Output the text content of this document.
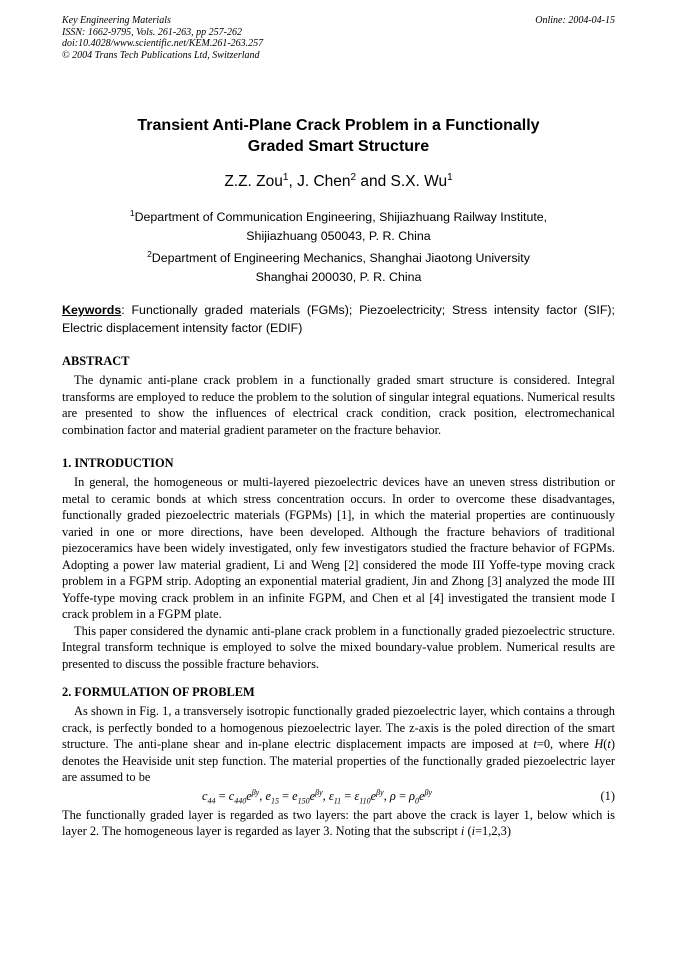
Key Engineering Materials
ISSN: 1662-9795, Vols. 261-263, pp 257-262
doi:10.4028/www.scientific.net/KEM.261-263.257
© 2004 Trans Tech Publications Ltd, Switzerland
Online: 2004-04-15
Transient Anti-Plane Crack Problem in a Functionally
Graded Smart Structure
Z.Z. Zou$^1$, J. Chen$^2$ and S.X. Wu$^1$
$^1$Department of Communication Engineering, Shijiazhuang Railway Institute,
Shijiazhuang 050043, P. R. China
$^2$Department of Engineering Mechanics, Shanghai Jiaotong University
Shanghai 200030, P. R. China
Keywords: Functionally graded materials (FGMs); Piezoelectricity; Stress intensity factor (SIF); Electric displacement intensity factor (EDIF)
ABSTRACT

The dynamic anti-plane crack problem in a functionally graded smart structure is considered. Integral transforms are employed to reduce the problem to the solution of singular integral equations. Numerical results are presented to show the influences of electrical crack condition, crack position, electromechanical combination factor and material gradient parameter on the fracture behavior.

1. INTRODUCTION

In general, the homogeneous or multi-layered piezoelectric devices have an uneven stress distribution or metal to ceramic bonds at which stress concentration occurs. In order to overcome these disadvantages, functionally graded piezoelectric materials (FGPMs) [1], in which the material properties are continuously varied in one or more directions, have been developed. Although the fracture behaviors of traditional piezoceramics have been widely investigated, only few investigators studied the fracture behavior of FGPMs. Adopting a power law material gradient, Li and Weng [2] considered the mode III Yoffe-type moving crack problem in a FGPM strip. Adopting an exponential material gradient, Jin and Zhong [3] analyzed the mode III Yoffe-type moving crack problem in an infinite FGPM, and Chen et al [4] investigated the transient mode I crack problem in a FGPM plate.

This paper considered the dynamic anti-plane crack problem in a functionally graded piezoelectric structure. Integral transform technique is employed to solve the mixed boundary-value problem. Numerical results are presented to discuss the possible fracture behaviors.

2. FORMULATION OF PROBLEM

As shown in Fig. 1, a transversely isotropic functionally graded piezoelectric layer, which contains a through crack, is perfectly bonded to a homogenous piezoelectric layer. The z-axis is the poled direction of the smart structure. The anti-plane shear and in-plane electric displacement impacts are imposed at t=0, where H(t) denotes the Heaviside unit step function. The material properties of the functionally graded piezoelectric layer are assumed to be

$c_{44} = c_{440}e^{\beta y}$, $e_{15} = e_{150}e^{\beta y}$, $\varepsilon_{11} = \varepsilon_{110}e^{\beta y}$, $\rho = \rho_0e^{\beta y}$	(1)

The functionally graded layer is regarded as two layers: the part above the crack is layer 1, below which is layer 2. The homogeneous layer is regarded as layer 3. Noting that the subscript i (i=1,2,3)
